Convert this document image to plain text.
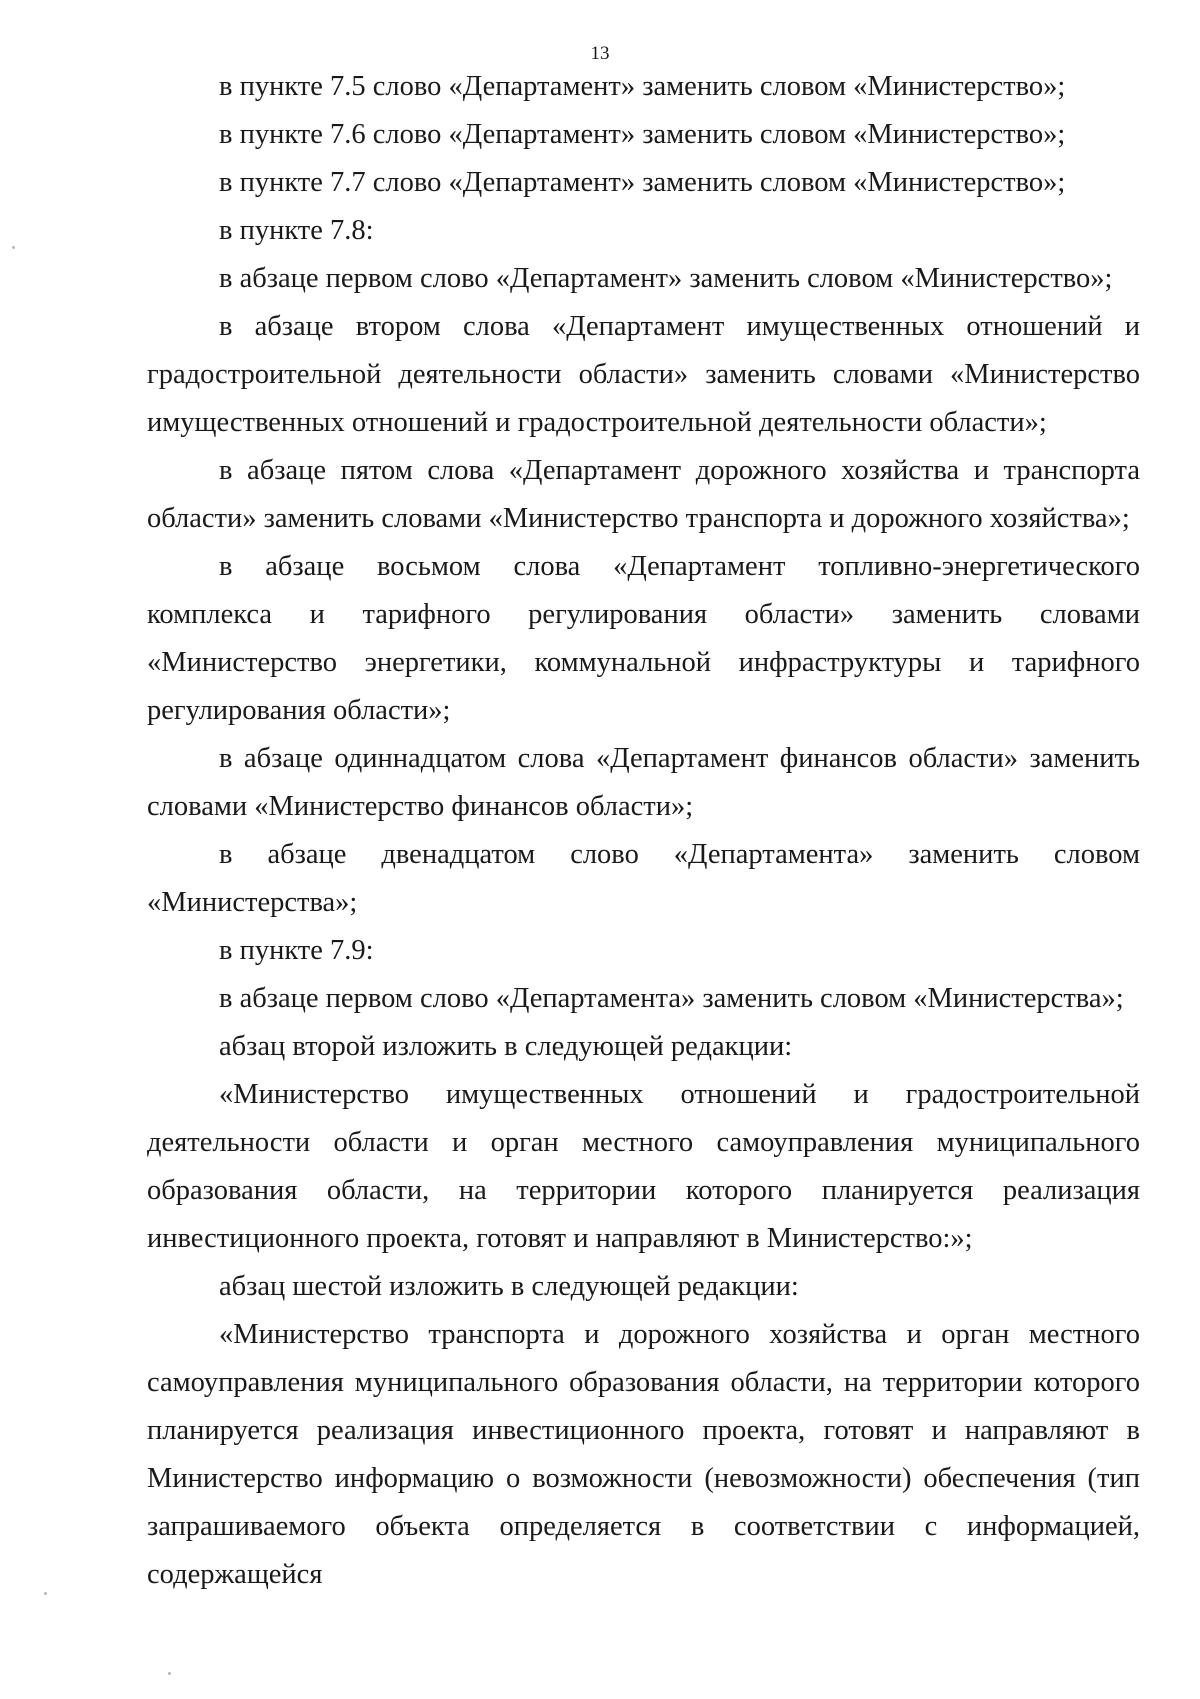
13

в пункте 7.5 слово «Департамент» заменить словом «Министерство»;

в пункте 7.6 слово «Департамент» заменить словом «Министерство»;

в пункте 7.7 слово «Департамент» заменить словом «Министерство»;

в пункте 7.8:

в абзаце первом слово «Департамент» заменить словом «Министерство»;

в абзаце втором слова «Департамент имущественных отношений и градостроительной деятельности области» заменить словами «Министерство имущественных отношений и градостроительной деятельности области»;

в абзаце пятом слова «Департамент дорожного хозяйства и транспорта области» заменить словами «Министерство транспорта и дорожного хозяйства»;

в абзаце восьмом слова «Департамент топливно-энергетического комплекса и тарифного регулирования области» заменить словами «Министерство энергетики, коммунальной инфраструктуры и тарифного регулирования области»;

в абзаце одиннадцатом слова «Департамент финансов области» заменить словами «Министерство финансов области»;

в абзаце двенадцатом слово «Департамента» заменить словом «Министерства»;

в пункте 7.9:

в абзаце первом слово «Департамента» заменить словом «Министерства»;

абзац второй изложить в следующей редакции:

«Министерство имущественных отношений и градостроительной деятельности области и орган местного самоуправления муниципального образования области, на территории которого планируется реализация инвестиционного проекта, готовят и направляют в Министерство:»;

абзац шестой изложить в следующей редакции:

«Министерство транспорта и дорожного хозяйства и орган местного самоуправления муниципального образования области, на территории которого планируется реализация инвестиционного проекта, готовят и направляют в Министерство информацию о возможности (невозможности) обеспечения (тип запрашиваемого объекта определяется в соответствии с информацией, содержащейся
